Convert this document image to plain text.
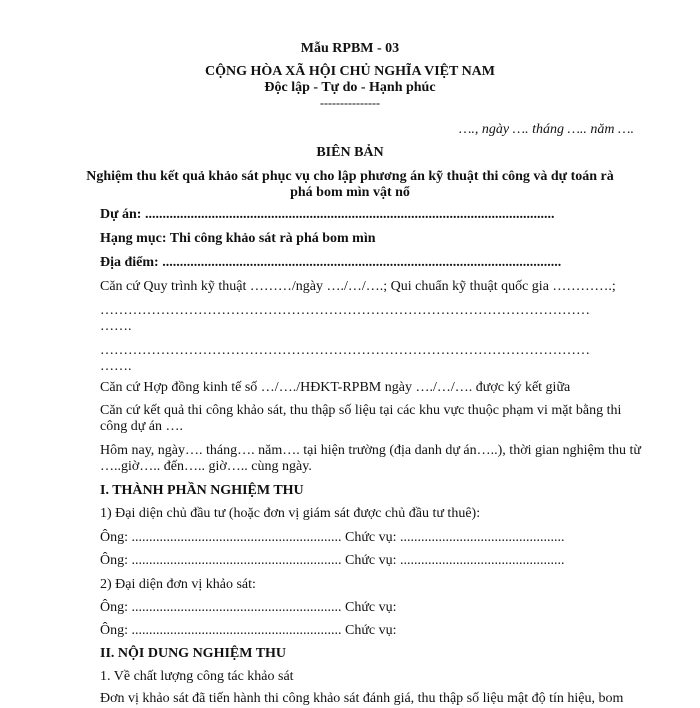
Mẫu RPBM - 03
CỘNG HÒA XÃ HỘI CHỦ NGHĨA VIỆT NAM
Độc lập - Tự do - Hạnh phúc
---------------
…., ngày …. tháng ….. năm ….
BIÊN BẢN
Nghiệm thu kết quả khảo sát phục vụ cho lập phương án kỹ thuật thi công và dự toán rà
phá bom mìn vật nổ
Dự án: .....................................................................................................................
Hạng mục: Thi công khảo sát rà phá bom mìn
Địa điểm: ..................................................................................................................
Căn cứ Quy trình kỹ thuật ………/ngày …./…/….; Qui chuẩn kỹ thuật quốc gia ………….;
……………………………………………………………………………………………
…….
……………………………………………………………………………………………
…….
Căn cứ Hợp đồng kinh tế số …/…./HĐKT-RPBM ngày …./…/…. được ký kết giữa
Căn cứ kết quả thi công khảo sát, thu thập số liệu tại các khu vực thuộc phạm vi mặt bằng thi
công dự án ….
Hôm nay, ngày…. tháng…. năm…. tại hiện trường (địa danh dự án…..), thời gian nghiệm thu từ
…..giờ….. đến….. giờ….. cùng ngày.
I. THÀNH PHẦN NGHIỆM THU
1) Đại diện chủ đầu tư (hoặc đơn vị giám sát được chủ đầu tư thuê):
Ông: ............................................................ Chức vụ: ...............................................
Ông: ............................................................ Chức vụ: ...............................................
2) Đại diện đơn vị khảo sát:
Ông: ............................................................ Chức vụ:
Ông: ............................................................ Chức vụ:
II. NỘI DUNG NGHIỆM THU
1. Về chất lượng công tác khảo sát
Đơn vị khảo sát đã tiến hành thi công khảo sát đánh giá, thu thập số liệu mật độ tín hiệu, bom
